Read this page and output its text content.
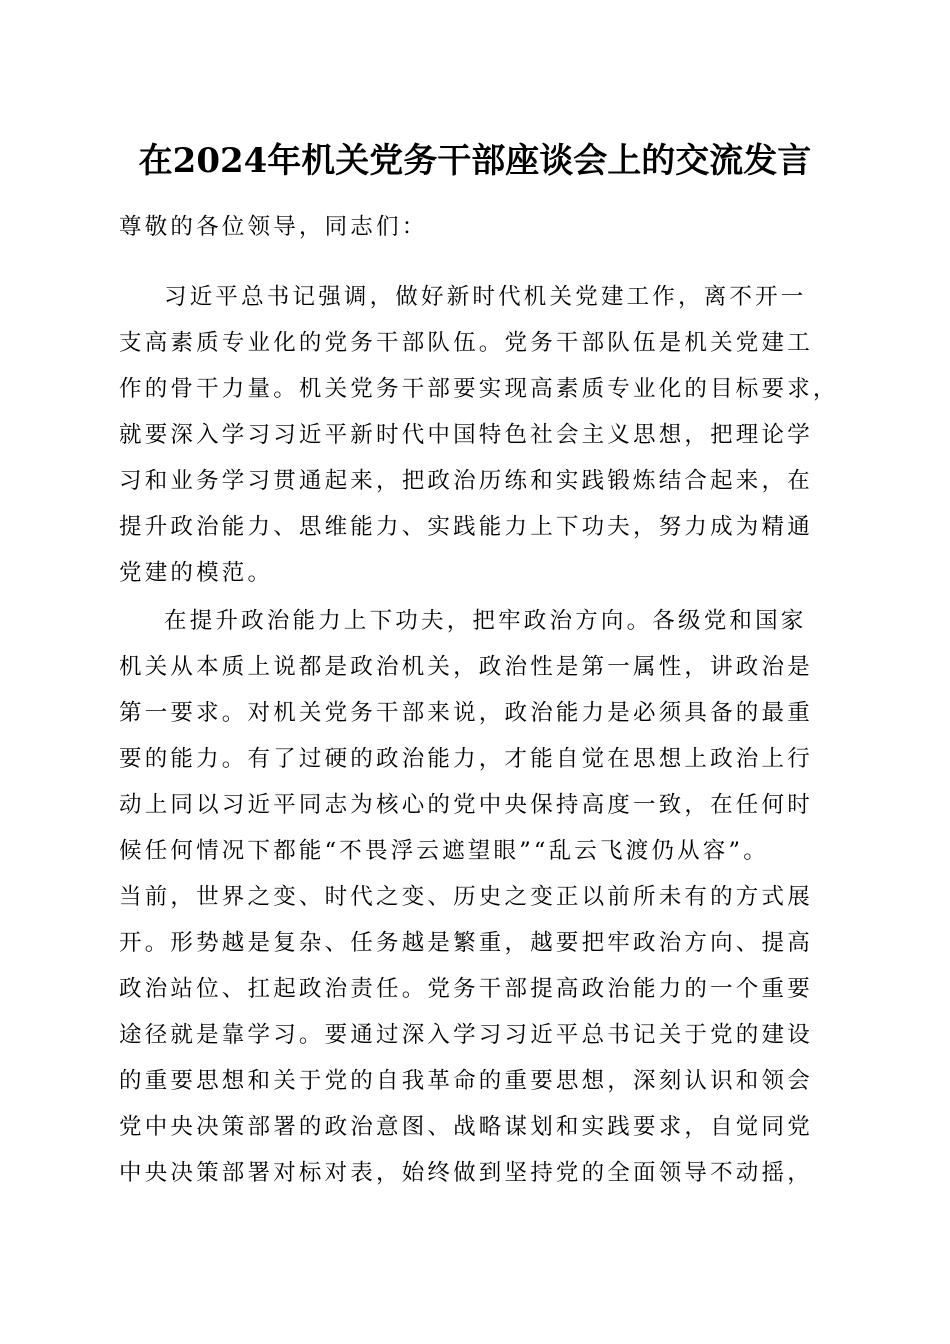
在2024年机关党务干部座谈会上的交流发言
尊敬的各位领导，同志们：
习近平总书记强调，做好新时代机关党建工作，离不开一
支高素质专业化的党务干部队伍。党务干部队伍是机关党建工
作的骨干力量。机关党务干部要实现高素质专业化的目标要求，
就要深入学习习近平新时代中国特色社会主义思想，把理论学
习和业务学习贯通起来，把政治历练和实践锻炼结合起来，在
提升政治能力、思维能力、实践能力上下功夫，努力成为精通
党建的模范。
在提升政治能力上下功夫，把牢政治方向。各级党和国家
机关从本质上说都是政治机关，政治性是第一属性，讲政治是
第一要求。对机关党务干部来说，政治能力是必须具备的最重
要的能力。有了过硬的政治能力，才能自觉在思想上政治上行
动上同以习近平同志为核心的党中央保持高度一致，在任何时
候任何情况下都能“不畏浮云遮望眼”“乱云飞渡仍从容”。
当前，世界之变、时代之变、历史之变正以前所未有的方式展
开。形势越是复杂、任务越是繁重，越要把牢政治方向、提高
政治站位、扛起政治责任。党务干部提高政治能力的一个重要
途径就是靠学习。要通过深入学习习近平总书记关于党的建设
的重要思想和关于党的自我革命的重要思想，深刻认识和领会
党中央决策部署的政治意图、战略谋划和实践要求，自觉同党
中央决策部署对标对表，始终做到坚持党的全面领导不动摇，
